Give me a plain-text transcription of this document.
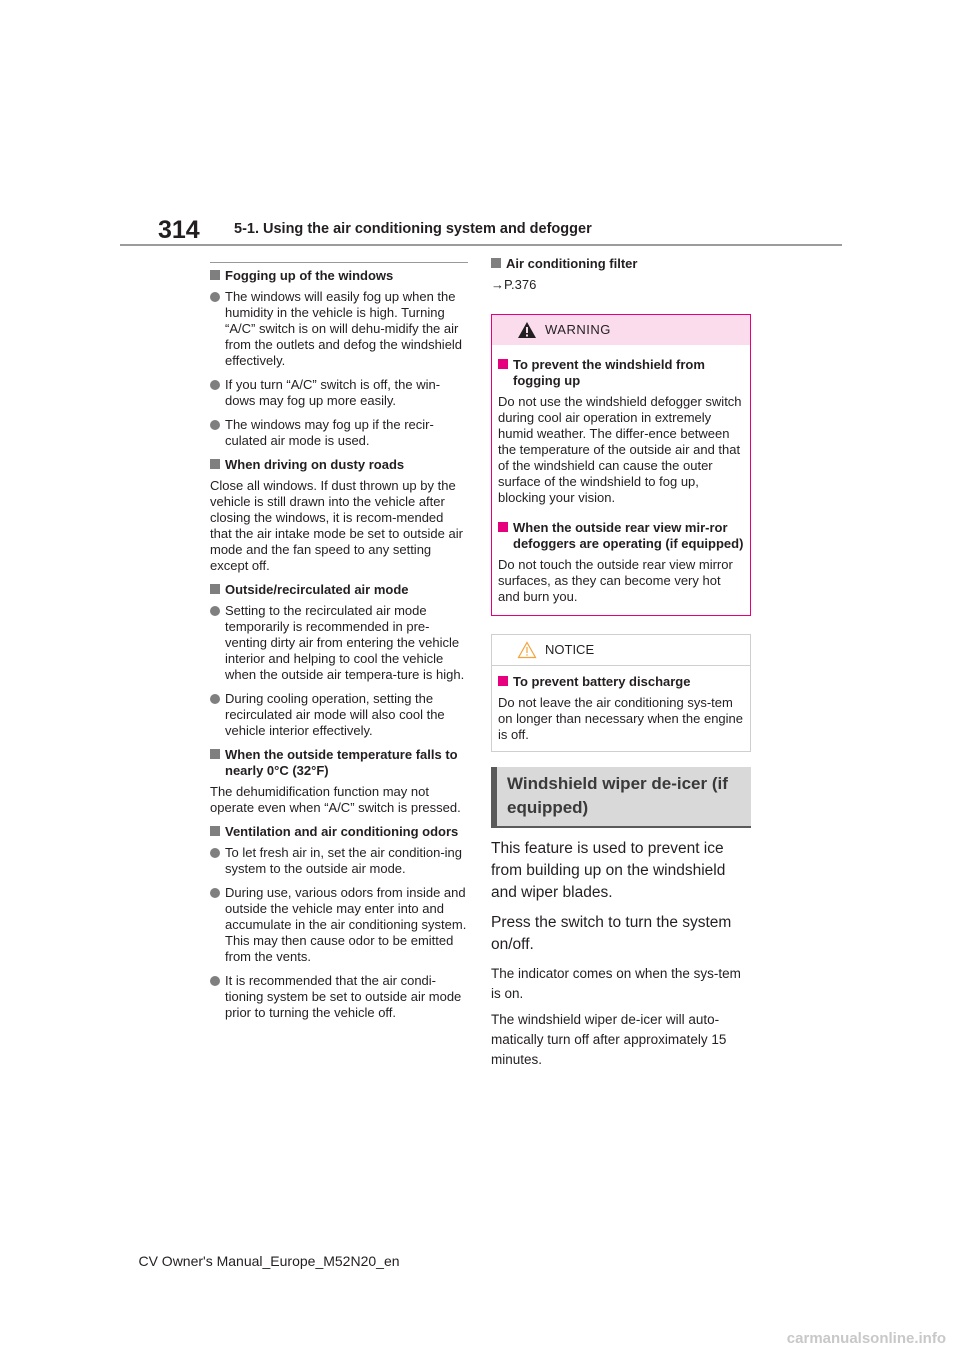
314 5-1. Using the air conditioning system and defogger
Fogging up of the windows
The windows will easily fog up when the humidity in the vehicle is high. Turning “A/C” switch is on will dehu-midify the air from the outlets and defog the windshield effectively.
If you turn “A/C” switch is off, the win-dows may fog up more easily.
The windows may fog up if the recir-culated air mode is used.
When driving on dusty roads
Close all windows. If dust thrown up by the vehicle is still drawn into the vehicle after closing the windows, it is recom-mended that the air intake mode be set to outside air mode and the fan speed to any setting except off.
Outside/recirculated air mode
Setting to the recirculated air mode temporarily is recommended in pre-venting dirty air from entering the vehicle interior and helping to cool the vehicle when the outside air tempera-ture is high.
During cooling operation, setting the recirculated air mode will also cool the vehicle interior effectively.
When the outside temperature falls to nearly 0°C (32°F)
The dehumidification function may not operate even when “A/C” switch is pressed.
Ventilation and air conditioning odors
To let fresh air in, set the air condition-ing system to the outside air mode.
During use, various odors from inside and outside the vehicle may enter into and accumulate in the air conditioning system. This may then cause odor to be emitted from the vents.
It is recommended that the air condi-tioning system be set to outside air mode prior to turning the vehicle off.
Air conditioning filter
→P.376
WARNING
To prevent the windshield from fogging up
Do not use the windshield defogger switch during cool air operation in extremely humid weather. The differ-ence between the temperature of the outside air and that of the windshield can cause the outer surface of the windshield to fog up, blocking your vision.
When the outside rear view mir-ror defoggers are operating (if equipped)
Do not touch the outside rear view mirror surfaces, as they can become very hot and burn you.
NOTICE
To prevent battery discharge
Do not leave the air conditioning sys-tem on longer than necessary when the engine is off.
Windshield wiper de-icer (if equipped)
This feature is used to prevent ice from building up on the windshield and wiper blades.
Press the switch to turn the system on/off.
The indicator comes on when the sys-tem is on.
The windshield wiper de-icer will auto-matically turn off after approximately 15 minutes.
CV Owner's Manual_Europe_M52N20_en
carmanualsonline.info
